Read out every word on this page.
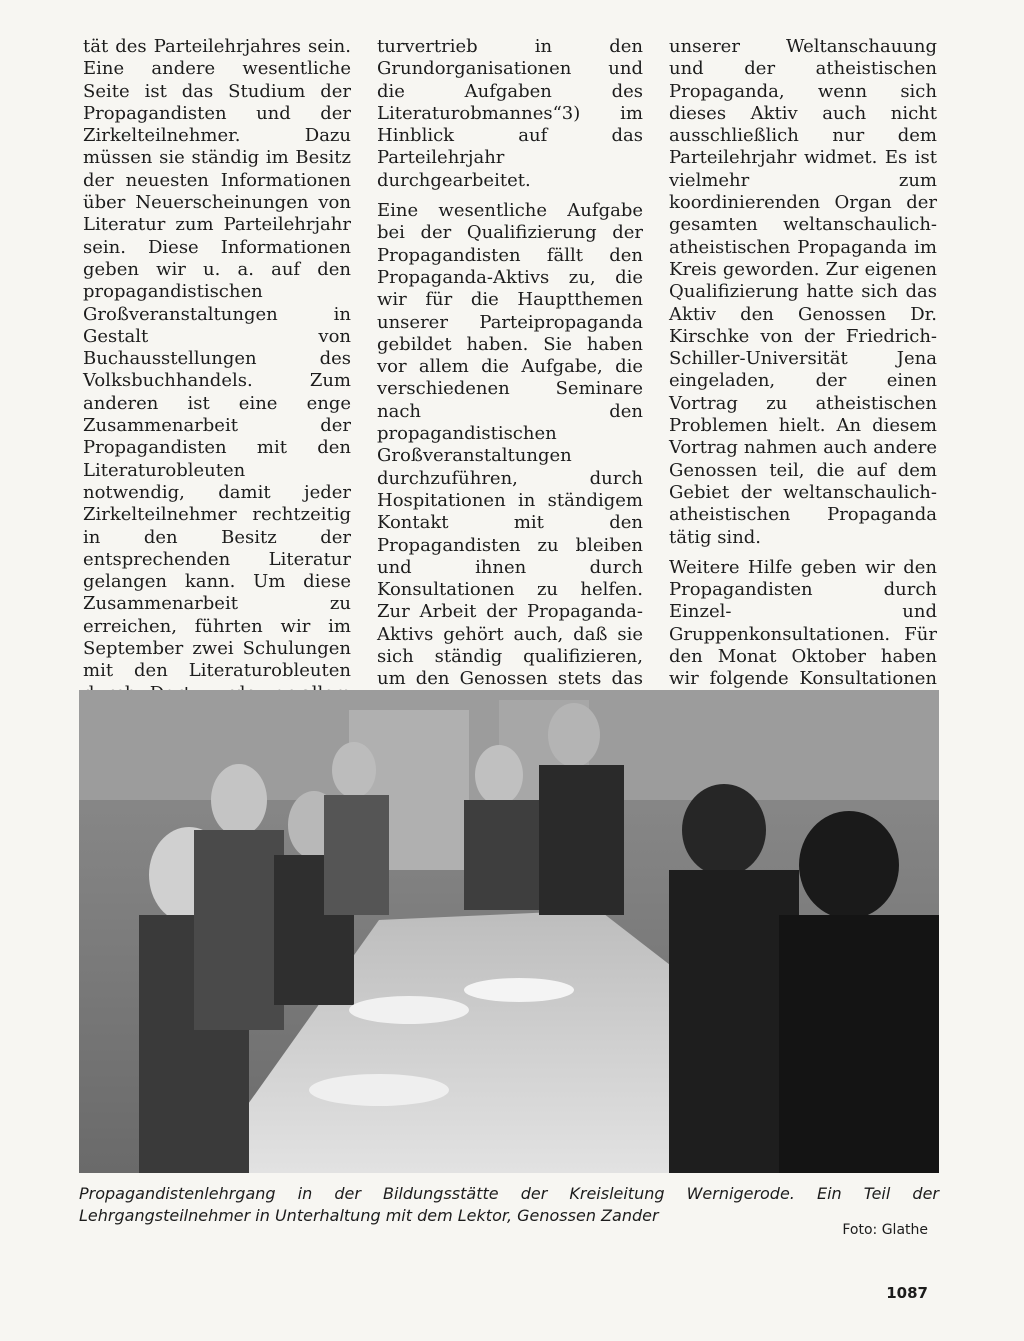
tät des Parteilehrjahres sein. Eine andere wesentliche Seite ist das Studium der Propagandisten und der Zirkelteilnehmer. Dazu müssen sie ständig im Besitz der neuesten Informationen über Neuerscheinungen von Literatur zum Parteilehrjahr sein. Diese Informationen geben wir u. a. auf den propagandistischen Großveranstaltungen in Gestalt von Buchausstellungen des Volksbuchhandels. Zum anderen ist eine enge Zusammenarbeit der Propagandisten mit den Literaturobleuten notwendig, damit jeder Zirkelteilnehmer rechtzeitig in den Besitz der entsprechenden Literatur gelangen kann. Um diese Zusammenarbeit zu erreichen, führten wir im September zwei Schulungen mit den Literaturobleuten

turvertrieb in den Grundorganisationen und die Aufgaben des Literaturobmannes“3) im Hinblick auf das Parteilehrjahr durchgearbeitet.

Eine wesentliche Aufgabe bei der Qualifizierung der Propagandisten fällt den Propaganda-Aktivs zu, die wir für die Hauptthemen unserer Parteipropaganda gebildet haben. Sie haben vor allem die Aufgabe, die verschiedenen Seminare nach den propagandistischen Großveranstaltungen durchzuführen, durch Hospitationen in ständigem Kontakt mit den Propagandisten zu bleiben und ihnen durch Konsultationen zu helfen. Zur Arbeit der Propaganda-Aktivs gehört auch, daß sie sich ständig qualifizieren, um den Genossen stets das

unserer Weltanschauung und der atheistischen Propaganda, wenn sich dieses Aktiv auch nicht ausschließlich nur dem Parteilehrjahr widmet. Es ist vielmehr zum koordinierenden Organ der gesamten weltanschaulich-atheistischen Propaganda im Kreis geworden. Zur eigenen Qualifizierung hatte sich das Aktiv den Genossen Dr. Kirschke von der Friedrich-Schiller-Universität Jena eingeladen, der einen Vortrag zu atheistischen Problemen hielt. An diesem Vortrag nahmen auch andere Genossen teil, die auf dem Gebiet der weltanschaulich-atheistischen Propaganda tätig sind.

Weitere Hilfe geben wir den Propagandisten durch Einzel- und Gruppenkonsultationen. Für den Monat Oktober haben wir folgende Konsultationen

Propagandistenlehrgang in der Bildungsstätte der Kreisleitung Wernigerode. Ein Teil der Lehrgangsteilnehmer in Unterhaltung mit dem Lektor, Genossen Zander
Foto: Glathe
1087
